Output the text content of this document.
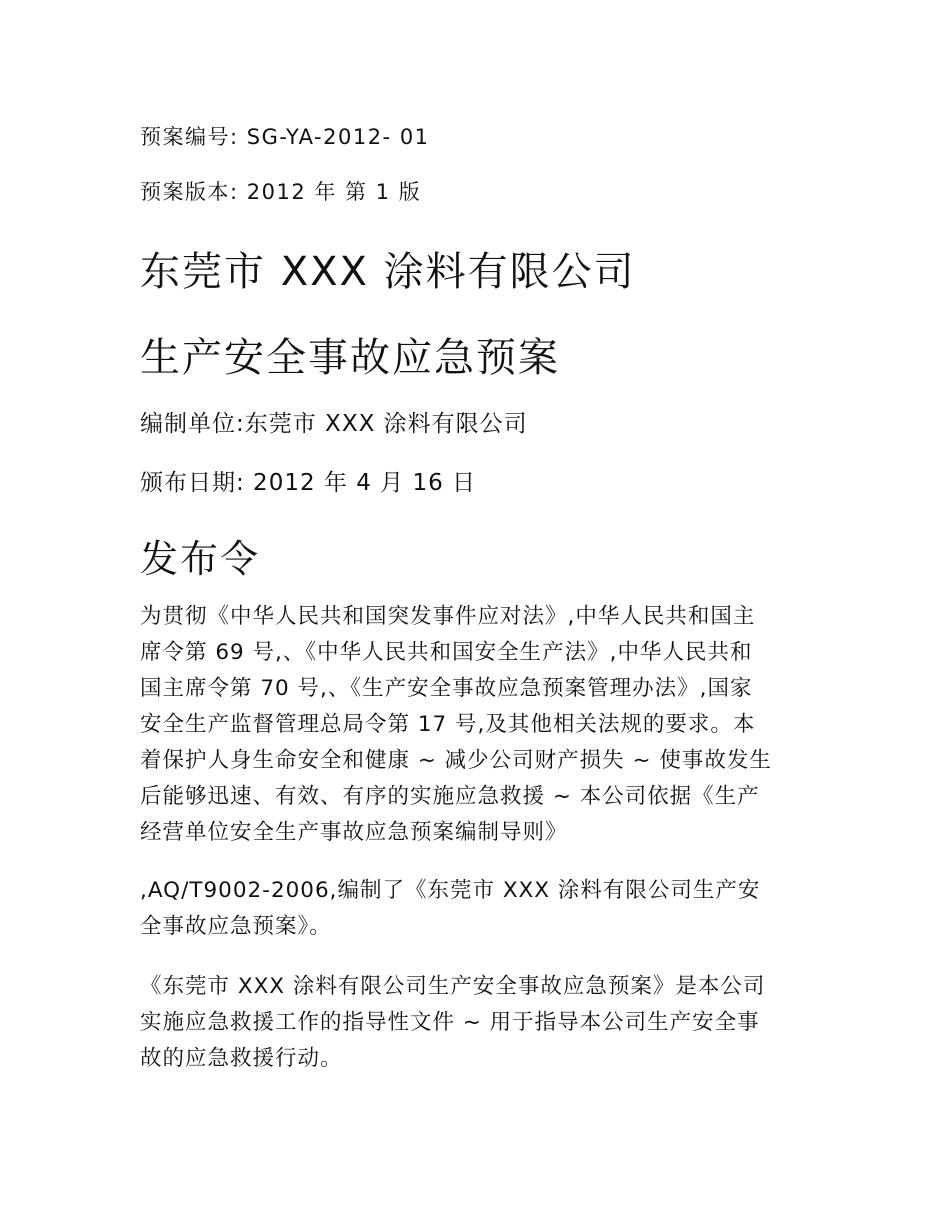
预案编号: SG-YA-2012- 01
预案版本: 2012 年 第 1 版
东莞市 XXX 涂料有限公司
生产安全事故应急预案
编制单位:东莞市 XXX 涂料有限公司
颁布日期: 2012 年 4 月 16 日
发布令

为贯彻《中华人民共和国突发事件应对法》,中华人民共和国主
席令第 69 号,、《中华人民共和国安全生产法》,中华人民共和
国主席令第 70 号,、《生产安全事故应急预案管理办法》,国家
安全生产监督管理总局令第 17 号,及其他相关法规的要求。本
着保护人身生命安全和健康 ~ 减少公司财产损失 ~ 使事故发生
后能够迅速、有效、有序的实施应急救援 ~ 本公司依据《生产
经营单位安全生产事故应急预案编制导则》

,AQ/T9002-2006,编制了《东莞市 XXX 涂料有限公司生产安
全事故应急预案》。

《东莞市 XXX 涂料有限公司生产安全事故应急预案》是本公司
实施应急救援工作的指导性文件 ~ 用于指导本公司生产安全事
故的应急救援行动。
